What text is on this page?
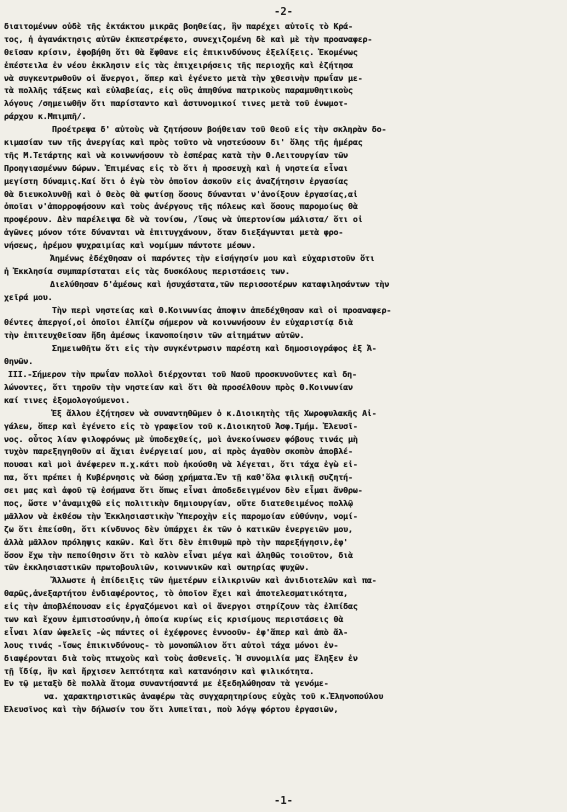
-2-
διαιτομένων οὐδὲ τῆς ἐκτάκτου μικρᾶς βοηθείας, ἣν παρέχει αὐτοῖς τὸ Κρά-
τος, ἡ ἀγανάκτησις αὐτῶν ἐκπεστρέφετο, συνεχιζομένη δὲ καὶ μὲ τὴν προαναφερ-
θεῖσαν κρίσιν, ἐφοβήθη ὅτι θὰ ἔφθανε εἰς ἐπικινδύνους ἐξελίξεις. Ἐκομένως
ἐπέστειλα ἐν νέου ἐκκλησιν εἰς τὰς ἐπιχειρήσεις τῆς περιοχῆς καὶ ἐζήτησα
νὰ συγκεντρωθοῦν οἱ ἄνεργοι, ὅπερ καὶ ἐγένετο μετὰ τὴν χθεσινὴν πρωΐαν με-
τὰ πολλῆς τάξεως καὶ εὐλαβείας, εἰς οὓς ἀπηθύνα πατρικοὺς παραμυθητικοὺς
λόγους /σημειωθῆν ὅτι παρίσταντο καὶ ἀστυνομικοί τινες μετὰ τοῦ ἐνωμοτ-
ράρχου κ.Μπιμπῆ/.
Προέτρεψα δ' αὐτοὺς νὰ ζητήσουν βοήθειαν τοῦ Θεοῦ εἰς τὴν σκληρὰν δο-
κιμασίαν των τῆς ἀνεργίας καὶ πρὸς τοῦτο νὰ νηστεύσουν δι' ὅλης τῆς ἡμέρας
τῆς Μ.Τετάρτης καὶ νὰ κοινωνήσουν τὸ ἑσπέρας κατὰ τὴν Θ.Λειτουργίαν τῶν
Προηγιασμένων δώρων. Ἐπιμένας εἰς τὸ ὅτι ἡ προσευχὴ καὶ ἡ νηστεία εἶναι
μεγίστη δύναμις.Καί ὅτι ὁ ἐγὼ τὸν ὁποῖον ἀσκοῦν εἰς ἀναζήτησιν ἐργασίας
θὰ διευκολυνθῇ καὶ ὁ Θεὸς θὰ φωτίσῃ ὅσους δύνανται ν'ἀνοίξουν ἐργασίας,αἱ
ὁποῖαι ν'ἀπορροφήσουν καὶ τοὺς ἀνέργους τῆς πόλεως καὶ ὅσους παρομοίως θὰ
προφέρουν. Δὲν παρέλειψα δὲ νὰ τονίσω, /ἴσως νὰ ὑπερτονίσω μάλιστα/ ὅτι οἱ
ἀγῶνες μόνον τότε δύνανται νὰ ἐπιτυγχάνουν, ὅταν διεξάγωνται μετὰ φρο-
νήσεως, ἠρέμου ψυχραιμίας καὶ νομίμων πάντοτε μέσων.
Ἀημένως ἐδέχθησαν οἱ παρόντες τὴν εἰσήγησίν μου καὶ εὐχαριστοῦν ὅτι
ἡ Ἐκκλησία συμπαρίσταται εἰς τὰς δυσκόλους περιστάσεις των.
Διελύθησαν δ'ἀμέσως καὶ ἡσυχάστατα,τῶν περισσοτέρων καταφιλησάντων τὴν
χεῖρά μου.
Τὴν περὶ νηστείας καὶ Θ.Κοινωνίας ἀποψιν ἀπεδέχθησαν καὶ οἱ προαναφερ-
θέντες ἀπεργοί,οἱ ὁποῖοι ἐλπίζω σήμερον νὰ κοινωνήσουν ἐν εὐχαριστίᾳ διὰ
τὴν ἐπιτευχθεῖσαν ἤδη ἀμέσως ἱκανοποίησιν τῶν αἰτημάτων αὐτῶν.
Σημειωθῆτω ὅτι εἰς τὴν συγκέντρωσιν παρέστη καὶ δημοσιογράφος ἐξ Ἀ-
θηνῶν.
ΙΙΙ.-Σήμερον τὴν πρωΐαν πολλοὶ διέρχονται τοῦ Ναοῦ προσκυνοῦντες καὶ δη-
λώνοντες, ὅτι τηροῦν τὴν νηστείαν καὶ ὅτι θὰ προσέλθουν πρὸς Θ.Κοινωνίαν
καί τινες ἐξομολογούμενοι.
Ἐξ ἄλλου ἐζήτησεν νὰ συναντηθῶμεν ὁ κ.Διοικητὴς τῆς Χωροφυλακῆς Αἰ-
γάλεω, ὅπερ καὶ ἐγένετο εἰς τὸ γραφεῖον τοῦ κ.Διοικητοῦ Ἀσφ.Τμήμ. Ἐλευσῖ-
νος. οὗτος λίαν φιλοφρόνως μὲ ὑποδεχθείς, μοὶ ἀνεκοίνωσεν φόβους τινάς μὴ
τυχὸν παρεξηγηθοῦν αἱ ἄχιαι ἐνέργειαί μου, αἱ πρὸς ἀγαθὸν σκοπὸν ἀποβλέ-
πουσαι καὶ μοὶ ἀνέφερεν π.χ.κάτι ποὺ ἠκούσθη νὰ λέγεται, ὅτι τάχα ἐγὼ εἰ-
πα, ὅτι πρέπει ἡ Κυβέρνησις νὰ δώσῃ χρήματα.Ἐν τῇ καθ'ὅλα φιλικῇ συζητή-
σει μας καὶ ἀφοῦ τῷ ἐσήμανα ὅτι ὅπως εἶναι ἀποδεδειγμένον δὲν εἶμαι ἄνθρω-
πος, ὥστε ν'ἀναμιχθῶ εἰς πολιτικὴν δημιουργίαν, οὔτε διατεθειμένος πολλῷ
μᾶλλον νὰ ἐκθέσω τὴν Ἐκκλησιαστικὴν Ὑπεροχὴν εἰς παρομοίαν εὐθύνην, νομί-
ζω ὅτι ἐπείσθη, ὅτι κίνδυνος δὲν ὑπάρχει ἐκ τῶν ὁ κατικῶν ἐνεργειῶν μου,
ἀλλὰ μᾶλλον πρόληψις κακῶν. Καὶ ὅτι δὲν ἐπιθυμῶ πρὸ τὴν παρεξήγησιν,ἐφ'
ὅσον ἔχω τὴν πεποίθησιν ὅτι τὸ καλὸν εἶναι μέγα καὶ ἀληθῶς τοιοῦτον, διὰ
τῶν ἐκκλησιαστικῶν πρωτοβουλιῶν, κοινωνικῶν καὶ σωτηρίας ψυχῶν.
Ἄλλωστε ἡ ἐπίδειξις τῶν ἡμετέρων εἰλικρινῶν καὶ ἀνιδιοτελῶν καὶ πα-
θαρῶς,ἀνεξαρτήτου ἐνδιαφέροντος, τὸ ὁποῖον ἔχει καὶ ἀποτελεσματικότητα,
εἰς τὴν ἀποβλέπουσαν εἰς ἐργαζόμενοι καὶ οἱ ἄνεργοι στηρίζουν τὰς ἐλπίδας
των καὶ ἔχουν ἐμπιστοσύνην,ἡ ὁποία κυρίως εἰς κρισίμους περιστάσεις θὰ
εἶναι λίαν ὠφελεῖς -ὡς πάντες οἱ ἐχέφρονες ἐννοοῦν- ἐφ'ἅπερ καὶ ἀπὸ ἄλ-
λους τινάς -ἴσως ἐπικινδύνους- τὸ μονοπώλιον ὅτι αὐτοὶ τάχα μόνοι ἐν-
διαφέρονται διὰ τοὺς πτωχοὺς καὶ τοὺς ἀσθενεῖς. Ἡ συνομιλία μας ἔληξεν ἐν
τῇ ἴδίᾳ, ἣν καὶ ἤρχισεν λεπτότητα καὶ κατανόησιν καὶ φιλικότητα.
Ἐν τῷ μεταξὺ δὲ πολλὰ ἄτομα συναντήσαντά με ἐξεδηλώθησαν τὰ γενόμε-
να. χαρακτηριστικῶς ἀναφέρω τὰς συγχαρητηρίους εὐχὰς τοῦ κ.Ἐληνοπούλου
Ἐλευσῖνος καὶ τὴν δήλωσίν του ὅτι λυπεῖται, ποὺ λόγῳ φόρτου ἐργασιῶν,
-1-
